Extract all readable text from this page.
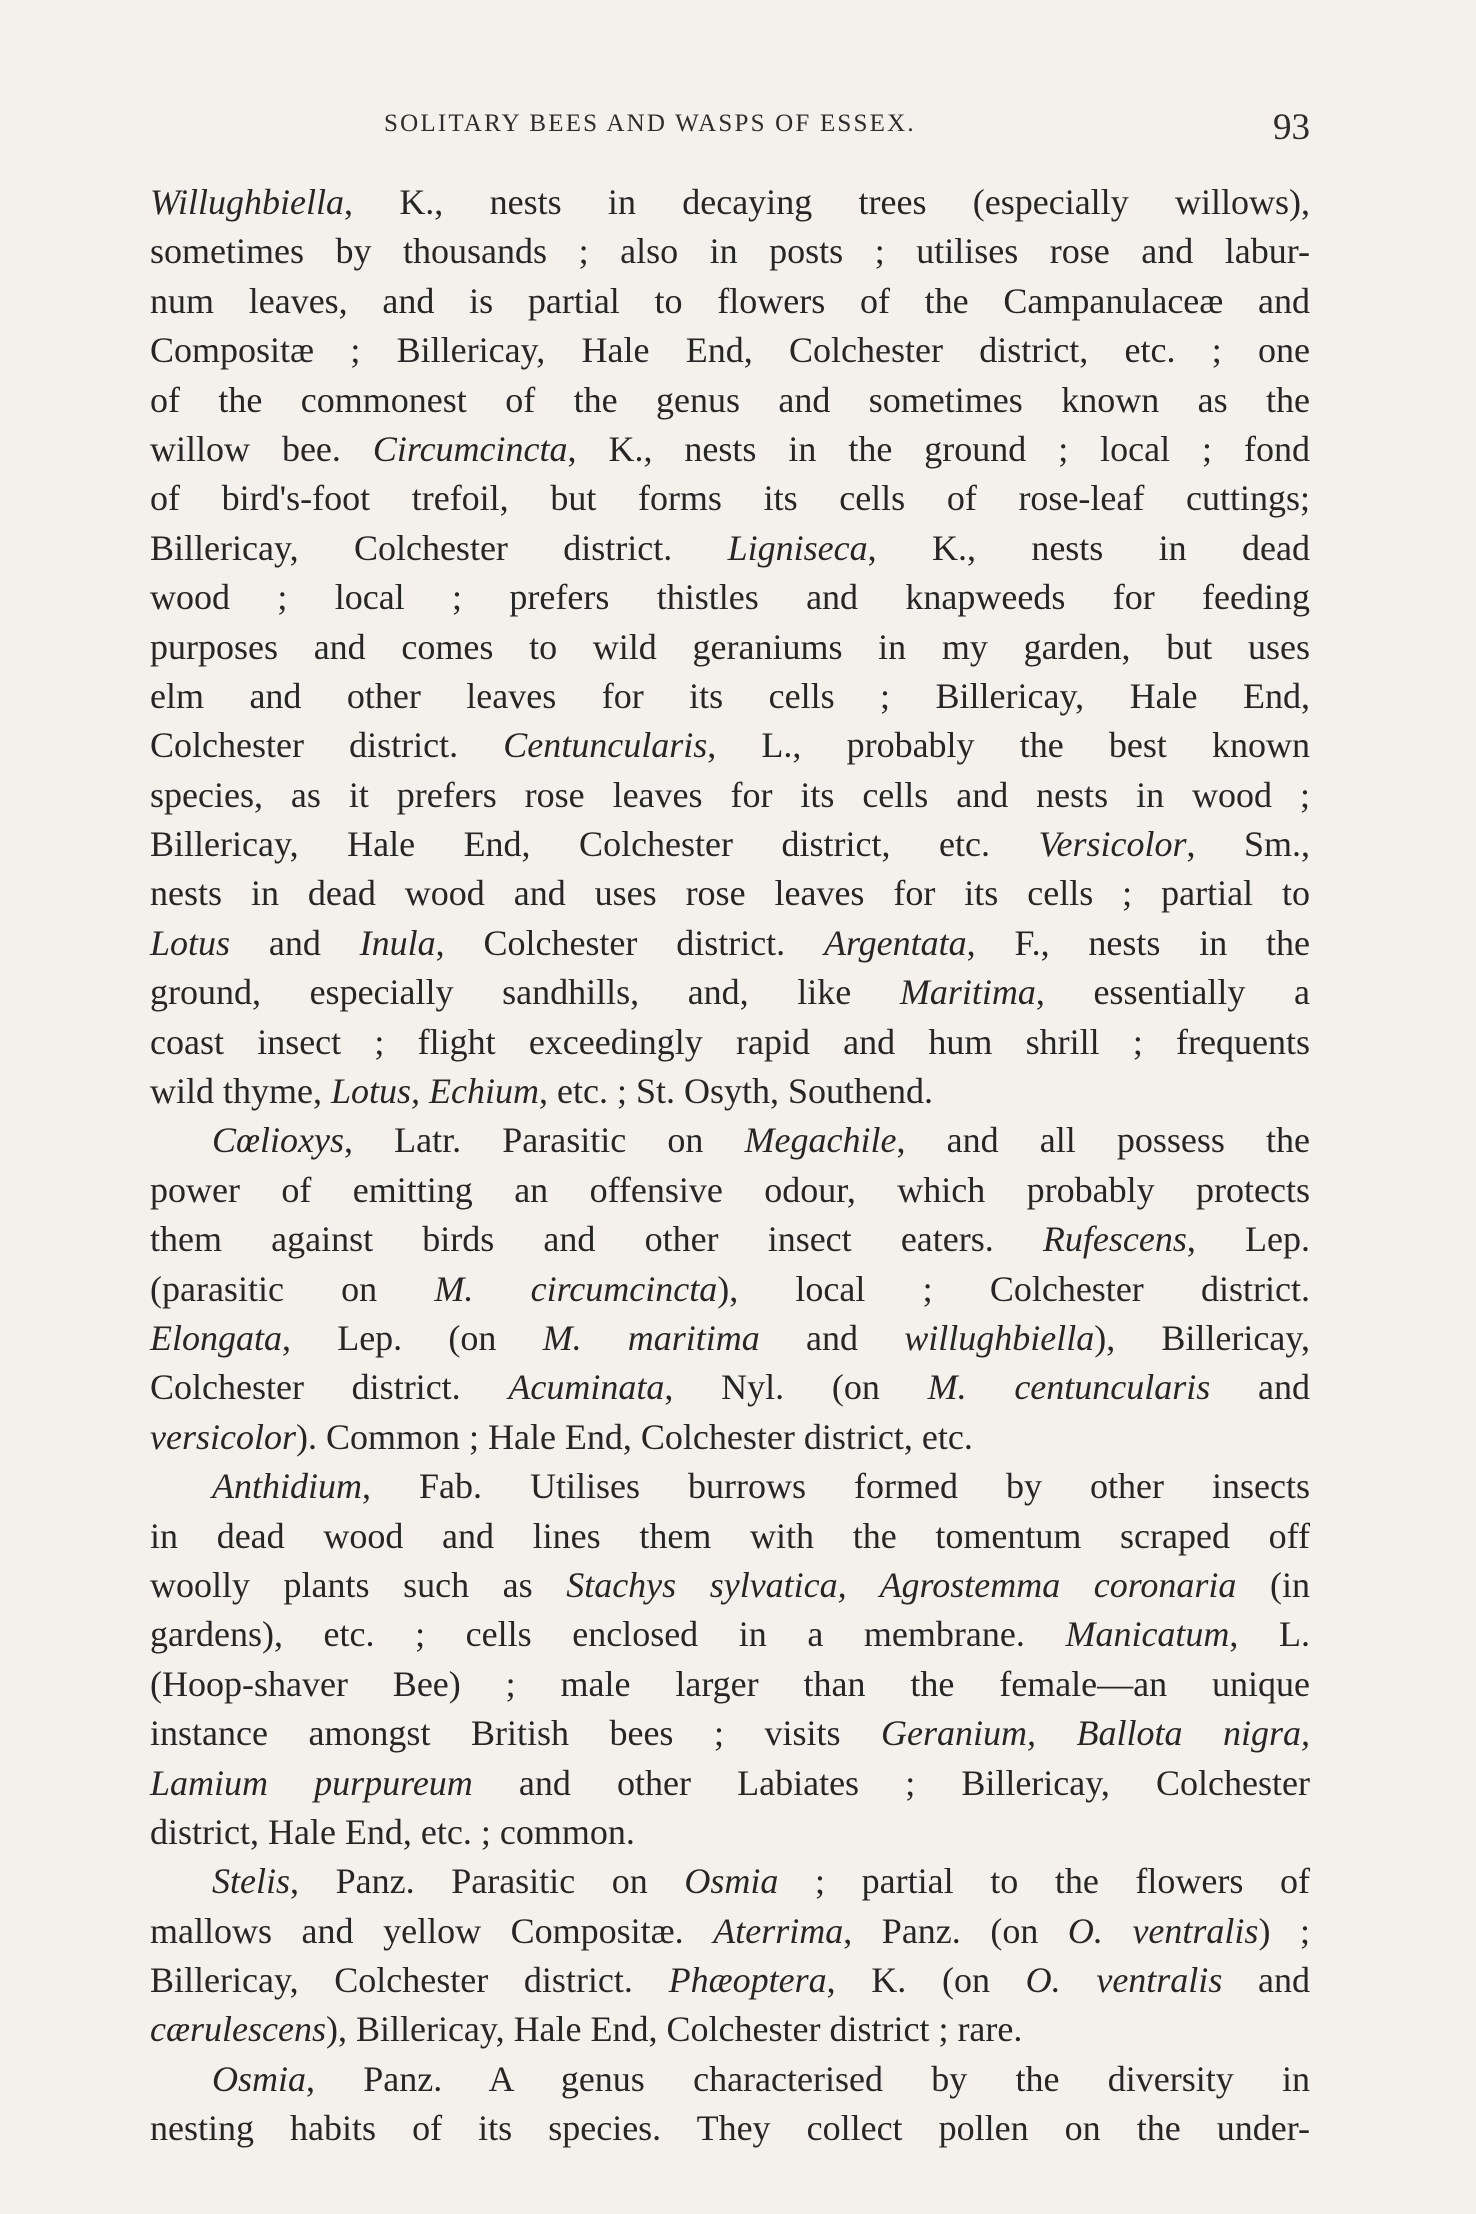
SOLITARY BEES AND WASPS OF ESSEX.	93
Willughbiella, K., nests in decaying trees (especially willows),
sometimes by thousands ; also in posts ; utilises rose and labur-
num leaves, and is partial to flowers of the Campanulaceæ and
Compositæ ; Billericay, Hale End, Colchester district, etc. ; one
of the commonest of the genus and sometimes known as the
willow bee. Circumcincta, K., nests in the ground ; local ; fond
of bird's-foot trefoil, but forms its cells of rose-leaf cuttings;
Billericay, Colchester district. Ligniseca, K., nests in dead
wood ; local ; prefers thistles and knapweeds for feeding
purposes and comes to wild geraniums in my garden, but uses
elm and other leaves for its cells ; Billericay, Hale End,
Colchester district. Centuncularis, L., probably the best known
species, as it prefers rose leaves for its cells and nests in wood ;
Billericay, Hale End, Colchester district, etc. Versicolor, Sm.,
nests in dead wood and uses rose leaves for its cells ; partial to
Lotus and Inula, Colchester district. Argentata, F., nests in the
ground, especially sandhills, and, like Maritima, essentially a
coast insect ; flight exceedingly rapid and hum shrill ; frequents
wild thyme, Lotus, Echium, etc. ; St. Osyth, Southend.
Cœlioxys, Latr. Parasitic on Megachile, and all possess the
power of emitting an offensive odour, which probably protects
them against birds and other insect eaters. Rufescens, Lep.
(parasitic on M. circumcincta), local ; Colchester district.
Elongata, Lep. (on M. maritima and willughbiella), Billericay,
Colchester district. Acuminata, Nyl. (on M. centuncularis and
versicolor). Common ; Hale End, Colchester district, etc.
Anthidium, Fab. Utilises burrows formed by other insects
in dead wood and lines them with the tomentum scraped off
woolly plants such as Stachys sylvatica, Agrostemma coronaria (in
gardens), etc. ; cells enclosed in a membrane. Manicatum, L.
(Hoop-shaver Bee) ; male larger than the female—an unique
instance amongst British bees ; visits Geranium, Ballota nigra,
Lamium purpureum and other Labiates ; Billericay, Colchester
district, Hale End, etc. ; common.
Stelis, Panz. Parasitic on Osmia ; partial to the flowers of
mallows and yellow Compositæ. Aterrima, Panz. (on O. ventralis) ;
Billericay, Colchester district. Phæoptera, K. (on O. ventralis and
cærulescens), Billericay, Hale End, Colchester district ; rare.
Osmia, Panz. A genus characterised by the diversity in
nesting habits of its species. They collect pollen on the under-
